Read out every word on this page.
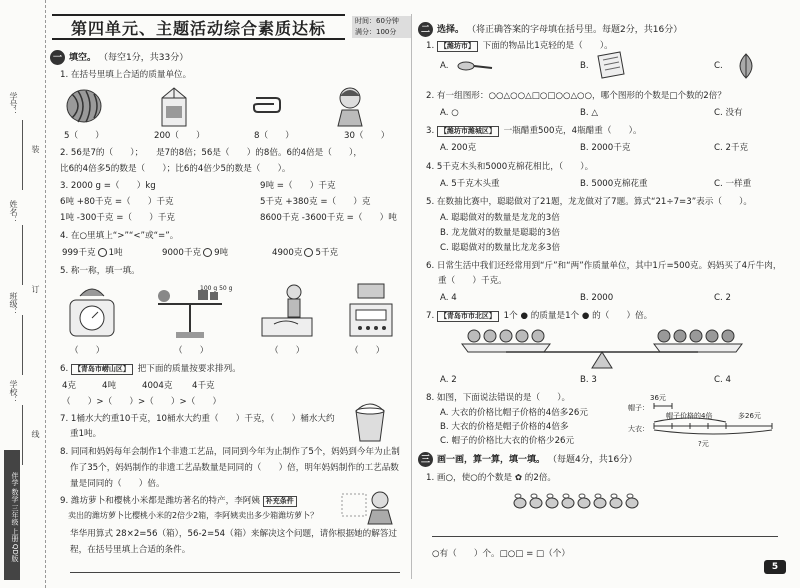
学号：
姓名：
班级：
学校：
装
订
线
伴学 数学 三年级 上册 QD版
第四单元、主题活动综合素质达标	时间：60分钟
满分：100分
一 填空。 （每空1分，共33分）
1. 在括号里填上合适的质量单位。
5（　　）	200（　　）	8（　　）	30（　　）
2. 56是7的（　　）；　　是7的8倍；56是（　　）的8倍。6的4倍是（　　），
比6的4倍多5的数是（　　）；比6的4倍少5的数是（　　）。
3. 2000 g =（　　）kg	9吨 =（　　）千克
6吨 +80千克 =（　　）千克	5千克 +380克 =（　　）克
1吨 -300千克 =（　　）千克	8600千克 -3600千克 =（　　）吨
4. 在○里填上“>”“<”或“=”。
999千克 1吨	9000千克 9吨	4900克 5千克
5. 称一称，填一填。
100 g 50 g
（　　）	（　　）	（　　）	（　　）
6. 【青岛市崂山区】 把下面的质量按要求排列。
4克	4吨	4004克 4千克
（　　）>（　　）>（　　）>（　　）
7. 1桶水大约重10千克，10桶水大约重（　　）千克，（　　）桶水大约
重1吨。
8. 同同和妈妈每年会制作1个非遗工艺品，同同到今年为止制作了5个，妈妈到今年为止制
作了35个，妈妈制作的非遗工艺品数量是同同的（　　）倍，明年妈妈制作的工艺品数
量是同同的（　　）倍。
9. 潍坊萝卜和樱桃小米都是潍坊著名的特产，李阿姨 补充条件
卖出的潍坊萝卜比樱桃小米的2倍少2箱，李阿姨卖出多少箱潍坊萝卜？
华华用算式 28×2=56（箱），56-2=54（箱）来解决这个问题，请你根据她的解答过
程，在括号里填上合适的条件。
二 选择。 （将正确答案的字母填在括号里。每题2分，共16分）
1. 【潍坊市】 下面的物品比1克轻的是（　　）。
A.	B.	C.
2. 有一组图形：○○△○○△□○□○○△○○，哪个图形的个数是□个数的2倍？
A. ○	B. △	C. 没有
3. 【潍坊市潍城区】 一瓶醋重500克，4瓶醋重（　　）。
A. 200克	B. 2000千克	C. 2千克
4. 5千克木头和5000克棉花相比，（　　）。
A. 5千克木头重	B. 5000克棉花重	C. 一样重
5. 在数抽比赛中，聪聪做对了21题，龙龙做对了7题。算式“21÷7=3”表示（　　）。
A. 聪聪做对的数量是龙龙的3倍
B. 龙龙做对的数量是聪聪的3倍
C. 聪聪做对的数量比龙龙多3倍
6. 日常生活中我们还经常用到“斤”和“两”作质量单位，其中1斤=500克。妈妈买了4斤牛肉，
重（　　）千克。
A. 4	B. 2000	C. 2
7. 【青岛市市北区】 1个 ● 的质量是1个 ● 的（　　）倍。
A. 2	B. 3	C. 4
8. 如图，下面说法错误的是（　　）。
A. 大衣的价格比帽子价格的4倍多26元
B. 大衣的价格是帽子价格的4倍多
C. 帽子的价格比大衣的价格少26元
36元
帽子：
帽子价格的4倍	多26元
大衣：
?元
三 画一画，算一算，填一填。 （每题4分，共16分）
1. 画○，使○的个数是 ✿ 的2倍。
○有（　　）个。□○□ = □（个）
5
